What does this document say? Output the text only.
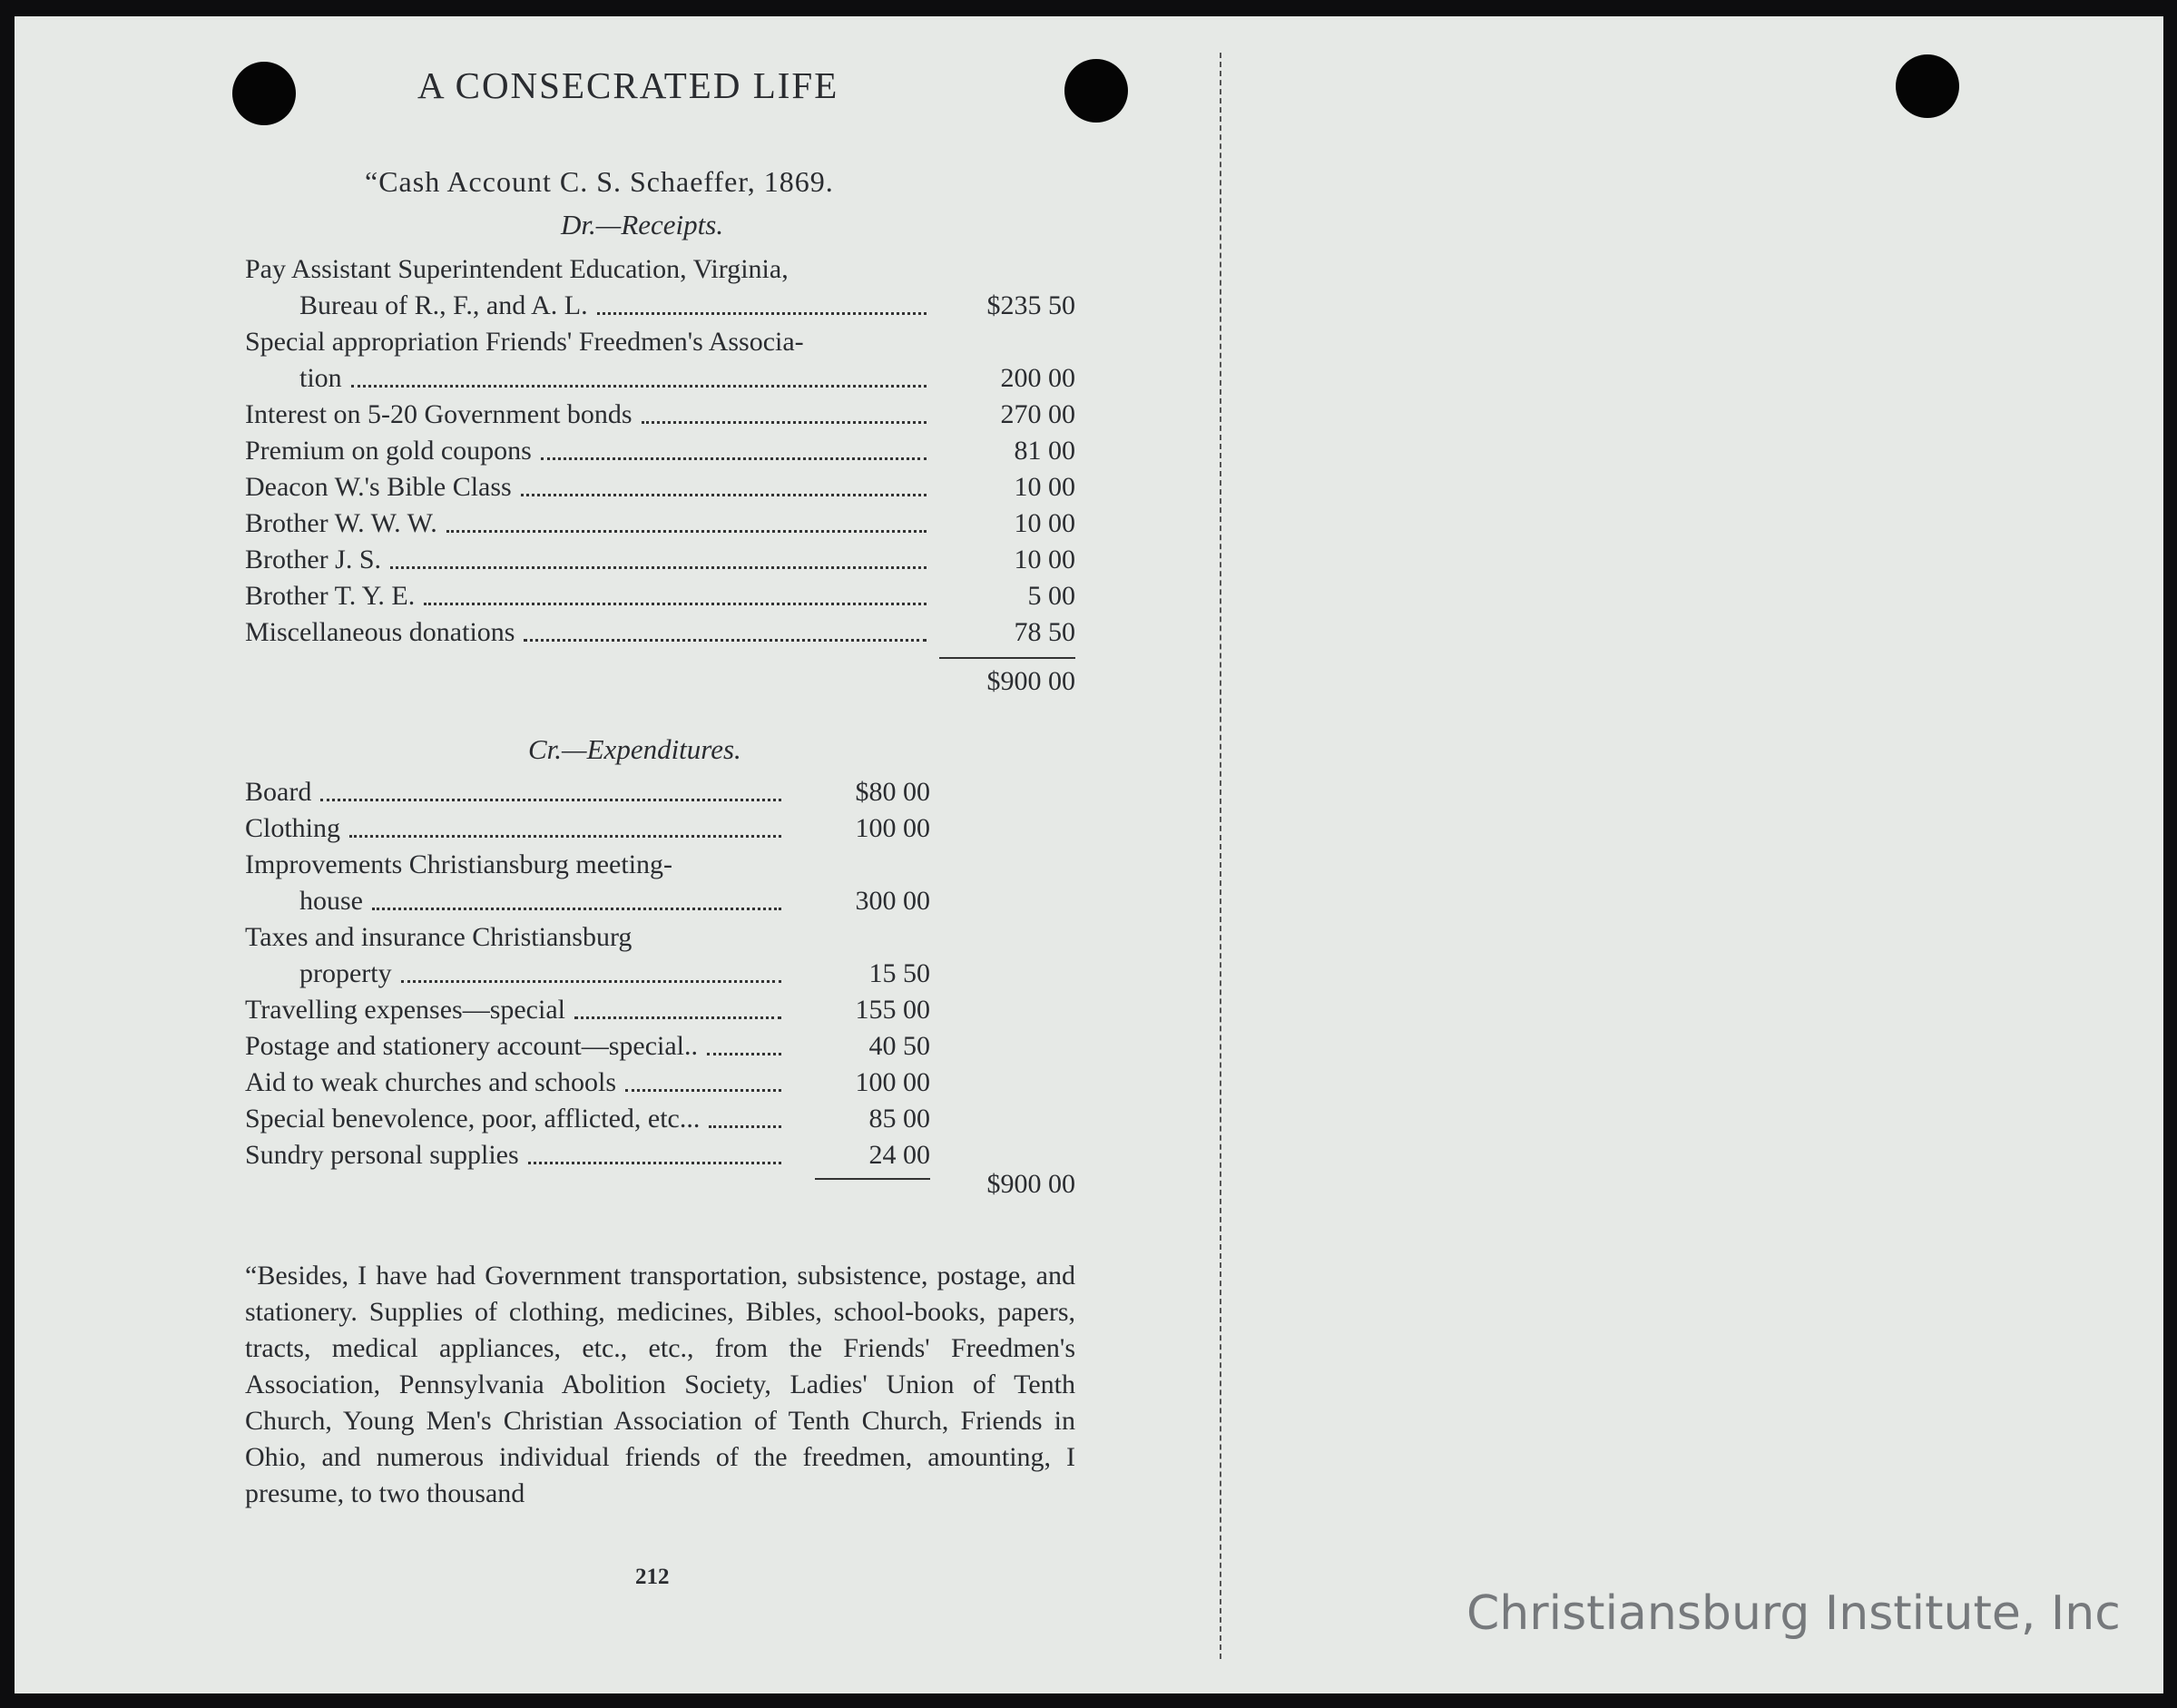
A CONSECRATED LIFE
“Cash Account C. S. Schaeffer, 1869.
Dr.—Receipts.
Pay Assistant Superintendent Education, Virginia,
Bureau of R., F., and A. L.	$235 50
Special appropriation Friends' Freedmen's Associa-
tion	200 00
Interest on 5-20 Government bonds	270 00
Premium on gold coupons	81 00
Deacon W.'s Bible Class	10 00
Brother W. W. W.	10 00
Brother J. S.	10 00
Brother T. Y. E.	5 00
Miscellaneous donations	78 50
$900 00
Cr.—Expenditures.
Board	$80 00
Clothing	100 00
Improvements Christiansburg meeting-
house	300 00
Taxes and insurance Christiansburg
property	15 50
Travelling expenses—special	155 00
Postage and stationery account—special..	40 50
Aid to weak churches and schools	100 00
Special benevolence, poor, afflicted, etc...	85 00
Sundry personal supplies	24 00
$900 00
“Besides, I have had Government transportation, subsistence, postage, and stationery. Supplies of clothing, medicines, Bibles, school-books, papers, tracts, medical appliances, etc., etc., from the Friends' Freedmen's Association, Pennsylvania Abolition Society, Ladies' Union of Tenth Church, Young Men's Christian Association of Tenth Church, Friends in Ohio, and numerous individual friends of the freedmen, amounting, I presume, to two thousand
212
Christiansburg Institute, Inc
